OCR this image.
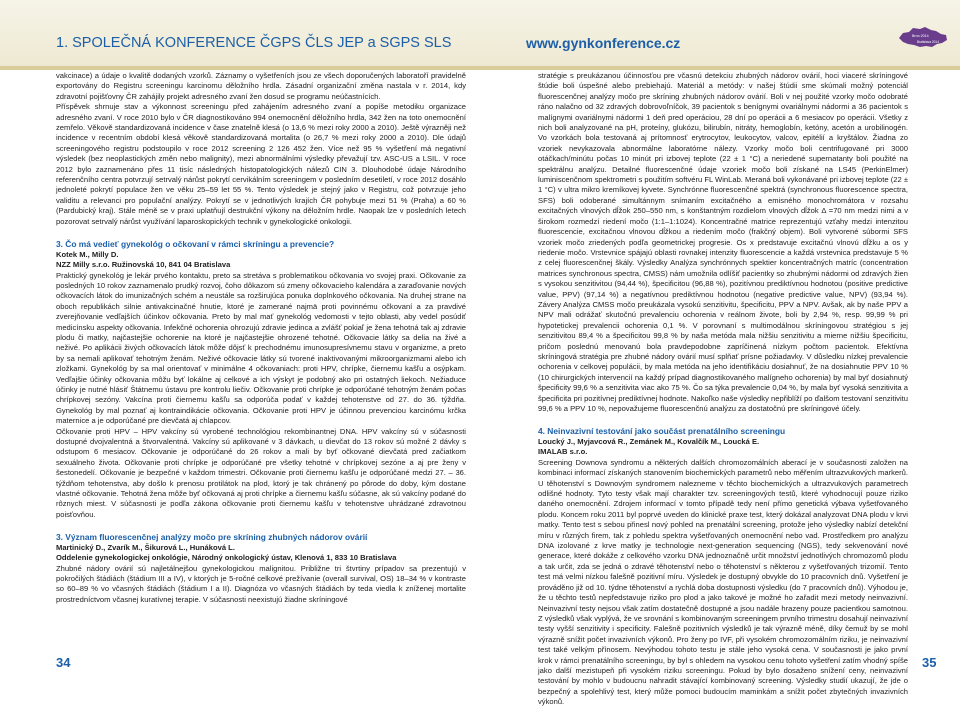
1. SPOLEČNÁ KONFERENCE ČGPS ČLS JEP a SGPS SLS	www.gynkonference.cz	Brno 2014
Bratislava 2014

vakcinace) a údaje o kvalitě dodaných vzorků. Záznamy o vyšetřeních jsou ze všech doporučených laboratoří pravidelně exportovány do Registru screeningu karcinomu děložního hrdla. Zásadní organizační změna nastala v r. 2014, kdy zdravotní pojišťovny ČR zahájily projekt adresného zvaní žen dosud se programu neúčastnících.

Příspěvek shrnuje stav a výkonnost screeningu před zahájením adresného zvaní a popíše metodiku organizace adresného zvaní. V roce 2010 bylo v ČR diagnostikováno 994 onemocnění děložního hrdla, 342 žen na toto onemocnění zemřelo. Věkově standardizovaná incidence v čase znatelně klesá (o 13,6 % mezi roky 2000 a 2010). Ještě výrazněji než incidence v recentním období klesá věkově standardizovaná mortalita (o 26,7 % mezi roky 2000 a 2010). Dle údajů screeningového registru podstoupilo v roce 2012 screening 2 126 452 žen. Více než 95 % vyšetření má negativní výsledek (bez neoplastických změn nebo malignity), mezi abnormálními výsledky převažují tzv. ASC-US a LSIL. V roce 2012 bylo zaznamenáno přes 11 tisíc následných histopatologických nálezů CIN 3. Dlouhodobé údaje Národního referenčního centra potvrzují setrvalý nárůst pokrytí cervikálním screeningem v posledním desetiletí, v roce 2012 dosáhlo jednoleté pokrytí populace žen ve věku 25–59 let 55 %. Tento výsledek je stejný jako v Registru, což potvrzuje jeho validitu a relevanci pro populační analýzy. Pokrytí se v jednotlivých krajích ČR pohybuje mezi 51 % (Praha) a 60 % (Pardubický kraj). Stále méně se v praxi uplatňují destrukční výkony na děložním hrdle. Naopak lze v posledních letech pozorovat setrvalý nárůst využívání laparoskopických technik v gynekologické onkologii.

3. Čo má vedieť gynekológ o očkovaní v rámci skríningu a prevencie?

Kotek M., Milly D.

NZZ Milly s.r.o. Ružinovská 10, 841 04 Bratislava

Praktický gynekológ je lekár prvého kontaktu, preto sa stretáva s problematikou očkovania vo svojej praxi. Očkovanie za posledných 10 rokov zaznamenalo prudký rozvoj, čoho dôkazom sú zmeny očkovacieho kalendára a zaraďovanie nových očkovacích látok do imunizačných schém a neustále sa rozširujúca ponuka doplnkového očkovania. Na druhej strane na oboch republikách silnie antivakcinačné hnutie, ktoré je zamerané najmä proti povinnému očkovaní a za pravdivé zverejňovanie vedľajších účinkov očkovania. Preto by mal mať gynekológ vedomosti v tejto oblasti, aby vedel posúdiť medicínsku aspekty očkovania. Infekčné ochorenia ohrozujú zdravie jedinca a zvlášť pokiaľ je žena tehotná tak aj zdravie plodu či matky, najčastejšie ochorenie na ktoré je najčastejšie ohrozené tehotné. Očkovacie látky sa delia na živé a neživé. Po aplikácii živých očkovacích látok môže dôjsť k prechodnému imunosupresívnemu stavu v organizme, a preto by sa nemali aplikovať tehotným ženám. Neživé očkovacie látky sú tvorené inaktivovanými mikroorganizmami alebo ich zložkami. Gynekológ by sa mal orientovať v minimálne 4 očkovaniach: proti HPV, chrípke, čiernemu kašľu a osýpkam. Vedľajšie účinky očkovania môžu byť lokálne aj celkové a ich výskyt je podobný ako pri ostatných liekoch. Nežiaduce účinky je nutné hlásiť Štátnemu ústavu pre kontrolu liečiv. Očkovanie proti chrípke je odporúčané tehotným ženám počas chrípkovej sezóny. Vakcína proti čiernemu kašľu sa odporúča podať v každej tehotenstve od 27. do 36. týždňa. Gynekológ by mal poznať aj kontraindikácie očkovania. Očkovanie proti HPV je účinnou prevenciou karcinómu krčka maternice a je odporúčané pre dievčatá aj chlapcov.

Očkovanie proti HPV – HPV vakcíny sú vyrobené technológiou rekombinantnej DNA. HPV vakcíny sú v súčasnosti dostupné dvojvalentná a štvorvalentná. Vakcíny sú aplikované v 3 dávkach, u dievčat do 13 rokov sú možné 2 dávky s odstupom 6 mesiacov. Očkovanie je odporúčané do 26 rokov a mali by byť očkované dievčatá pred začiatkom sexuálneho života. Očkovanie proti chrípke je odporúčané pre všetky tehotné v chrípkovej sezóne a aj pre ženy v šestonedelí. Očkovanie je bezpečné v každom trimestri. Očkovanie proti čiernemu kašľu je odporúčané medzi 27. – 36. týždňom tehotenstva, aby došlo k prenosu protilátok na plod, ktorý je tak chránený po pôrode do doby, kým dostane vlastné očkovanie. Tehotná žena môže byť očkovaná aj proti chrípke a čiernemu kašľu súčasne, ak sú vakcíny podané do rôznych miest. V súčasnosti je podľa zákona očkovanie proti čiernemu kašľu v tehotenstve uhrádzané zdravotnou poisťovňou.

3. Význam fluorescenčnej analýzy močo pre skríning zhubných nádorov ovárií

Martinický D., Zvarík M., Šikurová L., Hunáková L.

Oddelenie gynekologickej onkológie, Národný onkologický ústav, Klenová 1, 833 10 Bratislava

Zhubné nádory ovárií sú najletálnejšou gynekologickou malignitou. Približne tri štvrtiny prípadov sa prezentujú v pokročilých štádiách (štádium III a IV), v ktorých je 5-ročné celkové prežívanie (overall survival, OS) 18–34 % v kontraste so 60–89 % vo včasných štádiách (štádium I a II). Diagnóza vo včasných štádiách by teda viedla k zníženej mortalite prostredníctvom včasnej kuratívnej terapie. V súčasnosti neexistujú žiadne skríningové

stratégie s preukázanou účinnosťou pre včasnú detekciu zhubných nádorov ovárií, hoci viaceré skríningové štúdie boli úspešné alebo prebiehajú. Materiál a metódy: v našej štúdii sme skúmali možný potenciál fluorescenčnej analýzy močo pre skríning zhubných nádorov ovárií. Boli v nej použité vzorky močo odobraté ráno nalačno od 32 zdravých dobrovoľníčok, 39 pacientok s benígnymi ovariálnymi nádormi a 36 pacientok s malígnymi ovariálnymi nádormi 1 deň pred operáciou, 28 dní po operácii a 6 mesiacov po operácii. Všetky z nich boli analyzované na pH, proteíny, glukózu, bilirubín, nitráty, hemoglobín, ketóny, acetón a urobilinogén. Vo vzorkách bola testovaná aj prítomnosť erytrocytov, leukocytov, valcov, epitélií a kryštálov. Žiadna zo vzoriek nevykazovala abnormálne laboratórne nálezy. Vzorky močo boli centrifugované pri 3000 otáčkach/minútu počas 10 minút pri izbovej teplote (22 ± 1 °C) a neriedené supernatanty boli použité na spektrálnu analýzu. Detailné fluorescenčné údaje vzoriek močo boli získané na LS45 (PerkinElmer) luminiscenčnom spektrometri s použitím softvéru FL WinLab. Meraná boli vykonávané pri izbovej teplote (22 ± 1 °C) v ultra mikro kremíkovej kyvete. Synchrónne fluorescenčné spektrá (synchronous fluorescence spectra, SFS) boli odoberané simultánnym snímaním excitačného a emisného monochromátora v rozsahu excitačných vlnových dĺžok 250–550 nm, s konštantným rozdielom vlnových dĺžok Δ =70 nm medzi nimi a v širokom rozmedzí riedení močo (1:1–1:1024). Koncentračné matrice reprezentujú vzťahy medzi intenzitou fluorescencie, excitačnou vlnovou dĺžkou a riedením močo (frakčný objem). Boli vytvorené súbormi SFS vzoriek močo zriedených podľa geometrickej progresie. Os x predstavuje excitačnú vlnovú dĺžku a os y riedenie močo. Vrstevnice spájajú oblasti rovnakej intenzity fluorescencie a každá vrstevnica predstavuje 5 % z celej fluorescenčnej škály. Výsledky Analýza synchrónnych spektier koncentračných matríc (concentration matrices synchronous spectra, CMSS) nám umožnila odlíšiť pacientky so zhubnými nádormi od zdravých žien s vysokou senzitivitou (94,44 %), špecificitou (96,88 %), pozitívnou prediktívnou hodnotou (positive predictive value, PPV) (97,14 %) a negatívnou prediktívnou hodnotou (negative predictive value, NPV) (93,94 %). Závery Analýza CMSS močo preukázala vysokú senzitivitu, špecificitu, PPV a NPV. Avšak, ak by naše PPV a NPV mali odrážať skutočnú prevalenciu ochorenia v reálnom živote, boli by 2,94 %, resp. 99,99 % pri hypotetickej prevalencii ochorenia 0,1 %. V porovnaní s multimodálnou skríningovou stratégiou s jej senzitivitou 89,4 % a špecificitou 99,8 % by naša metóda mala nižšiu senzitivitu a mierne nižšiu špecificitu, pričom poslednú menovanú bola pravdepodobne zapríčinená nízkym počtom pacientok. Efektívna skríningová stratégia pre zhubné nádory ovárií musí splňať prísne požiadavky. V důsledku nízkej prevalencie ochorenia v celkovej populácii, by mala metóda na jeho identifikáciu dosiahnuť, že na dosiahnutie PPV 10 % (10 chirurgických intervencií na každý prípad diagnostikovaného malígneho ochorenia) by mal byť dosiahnutý špecificity 99,6 % a senzitivita viac ako 75 %. Čo sa týka prevalencie 0,04 %, by mala byť vysoká senzitivita a špecificita pri pozitívnej prediktívnej hodnote. Nakoľko naše výsledky nepřiblíží po ďalšom testovaní senzitivitu 99,6 % a PPV 10 %, nepovažujeme fluorescenčnú analýzu za dostatočnú pre skríningové účely.

4. Neinvazivní testování jako součást prenatálního screeningu

Loucký J., Myjavcová R., Zemánek M., Kovalčík M., Loucká E.

IMALAB s.r.o.

Screening Downova syndromu a některých dalších chromozomálních aberací je v současnosti založen na kombinaci informací získaných stanovením biochemických parametrů nebo měřením ultrazvukových markerů. U těhotenství s Downovým syndromem nalezneme v těchto biochemických a ultrazvukových parametrech odlišné hodnoty. Tyto testy však mají charakter tzv. screeningových testů, které vyhodnocují pouze riziko daného onemocnění. Zdrojem informací v tomto případě tedy není přímo genetická výbava vyšetřovaného plodu. Koncem roku 2011 byl poprvé uveden do klinické praxe test, který dokázal analyzovat DNA plodu v krvi matky. Tento test s sebou přinesl nový pohled na prenatální screening, protože jeho výsledky nabízí detekční míru v různých firem, tak z pohledu spektra vyšetřovaných onemocnění nebo vad. Prostředkem pro analýzu DNA izolované z krve matky je technologie next-generation sequencing (NGS), tedy sekvenování nové generace, které dokáže z celkového vzorku DNA jednoznačně určit množství jednotlivých chromozomů plodu a tak určit, zda se jedná o zdravé těhotenství nebo o těhotenství s některou z vyšetřovaných trizomií. Tento test má velmi nízkou falešně pozitivní míru. Výsledek je dostupný obvykle do 10 pracovních dnů. Vyšetření je prováděno již od 10. týdne těhotenství a rychlá doba dostupnosti výsledku (do 7 pracovních dnů). Výhodou je, že u těchto testů nepředstavuje riziko pro plod a jako takové je možné ho zařadit mezi metody neinvazivní. Neinvazivní testy nejsou však zatím dostatečně dostupné a jsou nadále hrazeny pouze pacientkou samotnou. Z výsledků však vyplývá, že ve srovnání s kombinovaným screeningem prvního trimestru dosahují neinvazivní testy vyšší senzitivity i specificity. Falešně pozitivních výsledků je tak výrazně méně, díky čemuž by se mohl výrazně snížit počet invazivních výkonů. Pro ženy po IVF, při vysokém chromozomálním riziku, je neinvazivní test také velkým přínosem. Nevýhodou tohoto testu je stále jeho vysoká cena. V současnosti je jako první krok v rámci prenatálního screeningu, by byl s ohledem na vysokou cenu tohoto vyšetření zatím vhodný spíše jako další mezistupeň při vysokém riziku screeningu. Pokud by bylo dosaženo snížení ceny, neinvazivní testování by mohlo v budoucnu nahradit stávající kombinovaný screening. Výsledky studií ukazují, že jde o bezpečný a spolehlivý test, který může pomoci budoucím maminkám a snížit počet zbytečných invazivních výkonů.

34	35
